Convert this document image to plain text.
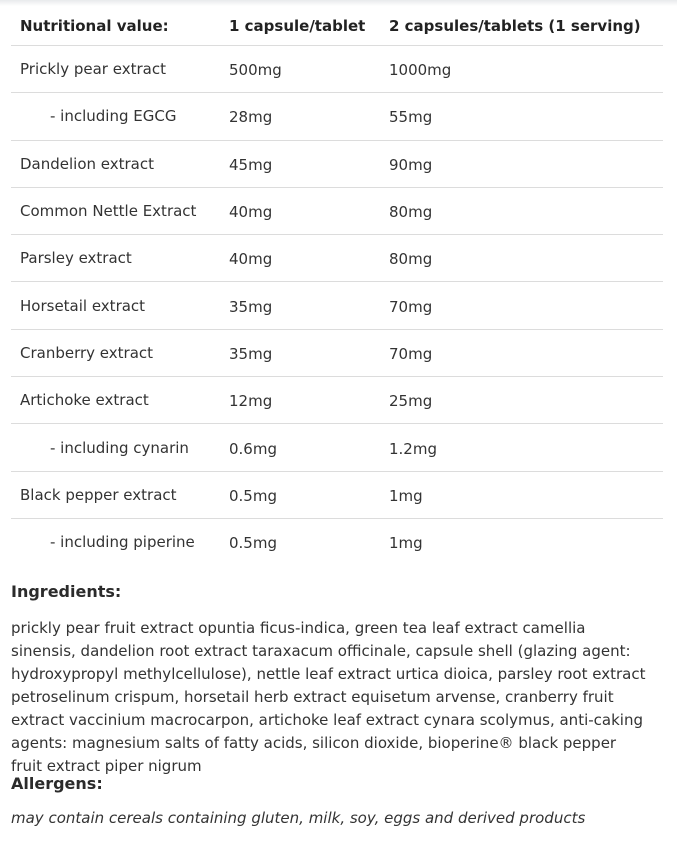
Nutritional value:	1 capsule/tablet	2 capsules/tablets (1 serving)
Prickly pear extract	500mg	1000mg
- including EGCG	28mg	55mg
Dandelion extract	45mg	90mg
Common Nettle Extract	40mg	80mg
Parsley extract	40mg	80mg
Horsetail extract	35mg	70mg
Cranberry extract	35mg	70mg
Artichoke extract	12mg	25mg
- including cynarin	0.6mg	1.2mg
Black pepper extract	0.5mg	1mg
- including piperine	0.5mg	1mg
Ingredients:

prickly pear fruit extract opuntia ficus-indica, green tea leaf extract camellia sinensis, dandelion root extract taraxacum officinale, capsule shell (glazing agent: hydroxypropyl methylcellulose), nettle leaf extract urtica dioica, parsley root extract petroselinum crispum, horsetail herb extract equisetum arvense, cranberry fruit extract vaccinium macrocarpon, artichoke leaf extract cynara scolymus, anti-caking agents: magnesium salts of fatty acids, silicon dioxide, bioperine® black pepper fruit extract piper nigrum

Allergens:

may contain cereals containing gluten, milk, soy, eggs and derived products
